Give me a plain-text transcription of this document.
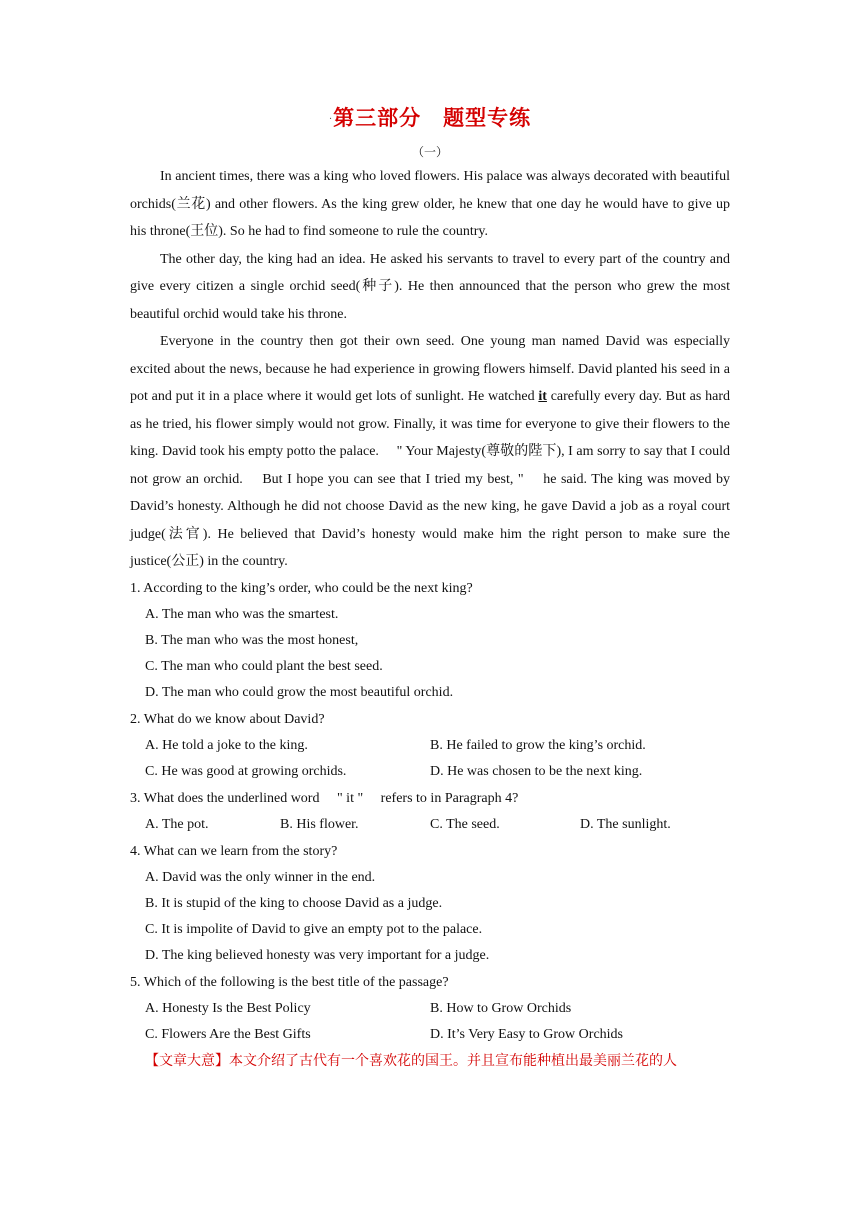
·第三部分　题型专练
（一）

In ancient times, there was a king who loved flowers. His palace was always decorated with beautiful orchids(兰花) and other flowers. As the king grew older, he knew that one day he would have to give up his throne(王位). So he had to find someone to rule the country.

The other day, the king had an idea. He asked his servants to travel to every part of the country and give every citizen a single orchid seed(种子). He then announced that the person who grew the most beautiful orchid would take his throne.

Everyone in the country then got their own seed. One young man named David was especially excited about the news, because he had experience in growing flowers himself. David planted his seed in a pot and put it in a place where it would get lots of sunlight. He watched it carefully every day. But as hard as he tried, his flower simply would not grow. Finally, it was time for everyone to give their flowers to the king. David took his empty potto the palace. 　" Your Majesty(尊敬的陛下), I am sorry to say that I could not grow an orchid. 　But I hope you can see that I tried my best, " 　he said. The king was moved by David’s honesty. Although he did not choose David as the new king, he gave David a job as a royal court judge(法官). He believed that David’s honesty would make him the right person to make sure the justice(公正) in the country.

1. According to the king’s order, who could be the next king?

A. The man who was the smartest.

B. The man who was the most honest,

C. The man who could plant the best seed.

D. The man who could grow the most beautiful orchid.

2. What do we know about David?

A. He told a joke to the king.	B. He failed to grow the king’s orchid.
C. He was good at growing orchids.	D. He was chosen to be the next king.

3. What does the underlined word 　" it " 　refers to in Paragraph 4?

A. The pot.	B. His flower.	C. The seed.	D. The sunlight.

4. What can we learn from the story?

A. David was the only winner in the end.

B. It is stupid of the king to choose David as a judge.

C. It is impolite of David to give an empty pot to the palace.

D. The king believed honesty was very important for a judge.

5. Which of the following is the best title of the passage?

A. Honesty Is the Best Policy	B. How to Grow Orchids
C. Flowers Are the Best Gifts	D. It’s Very Easy to Grow Orchids
【文章大意】本文介绍了古代有一个喜欢花的国王。并且宣布能种植出最美丽兰花的人
